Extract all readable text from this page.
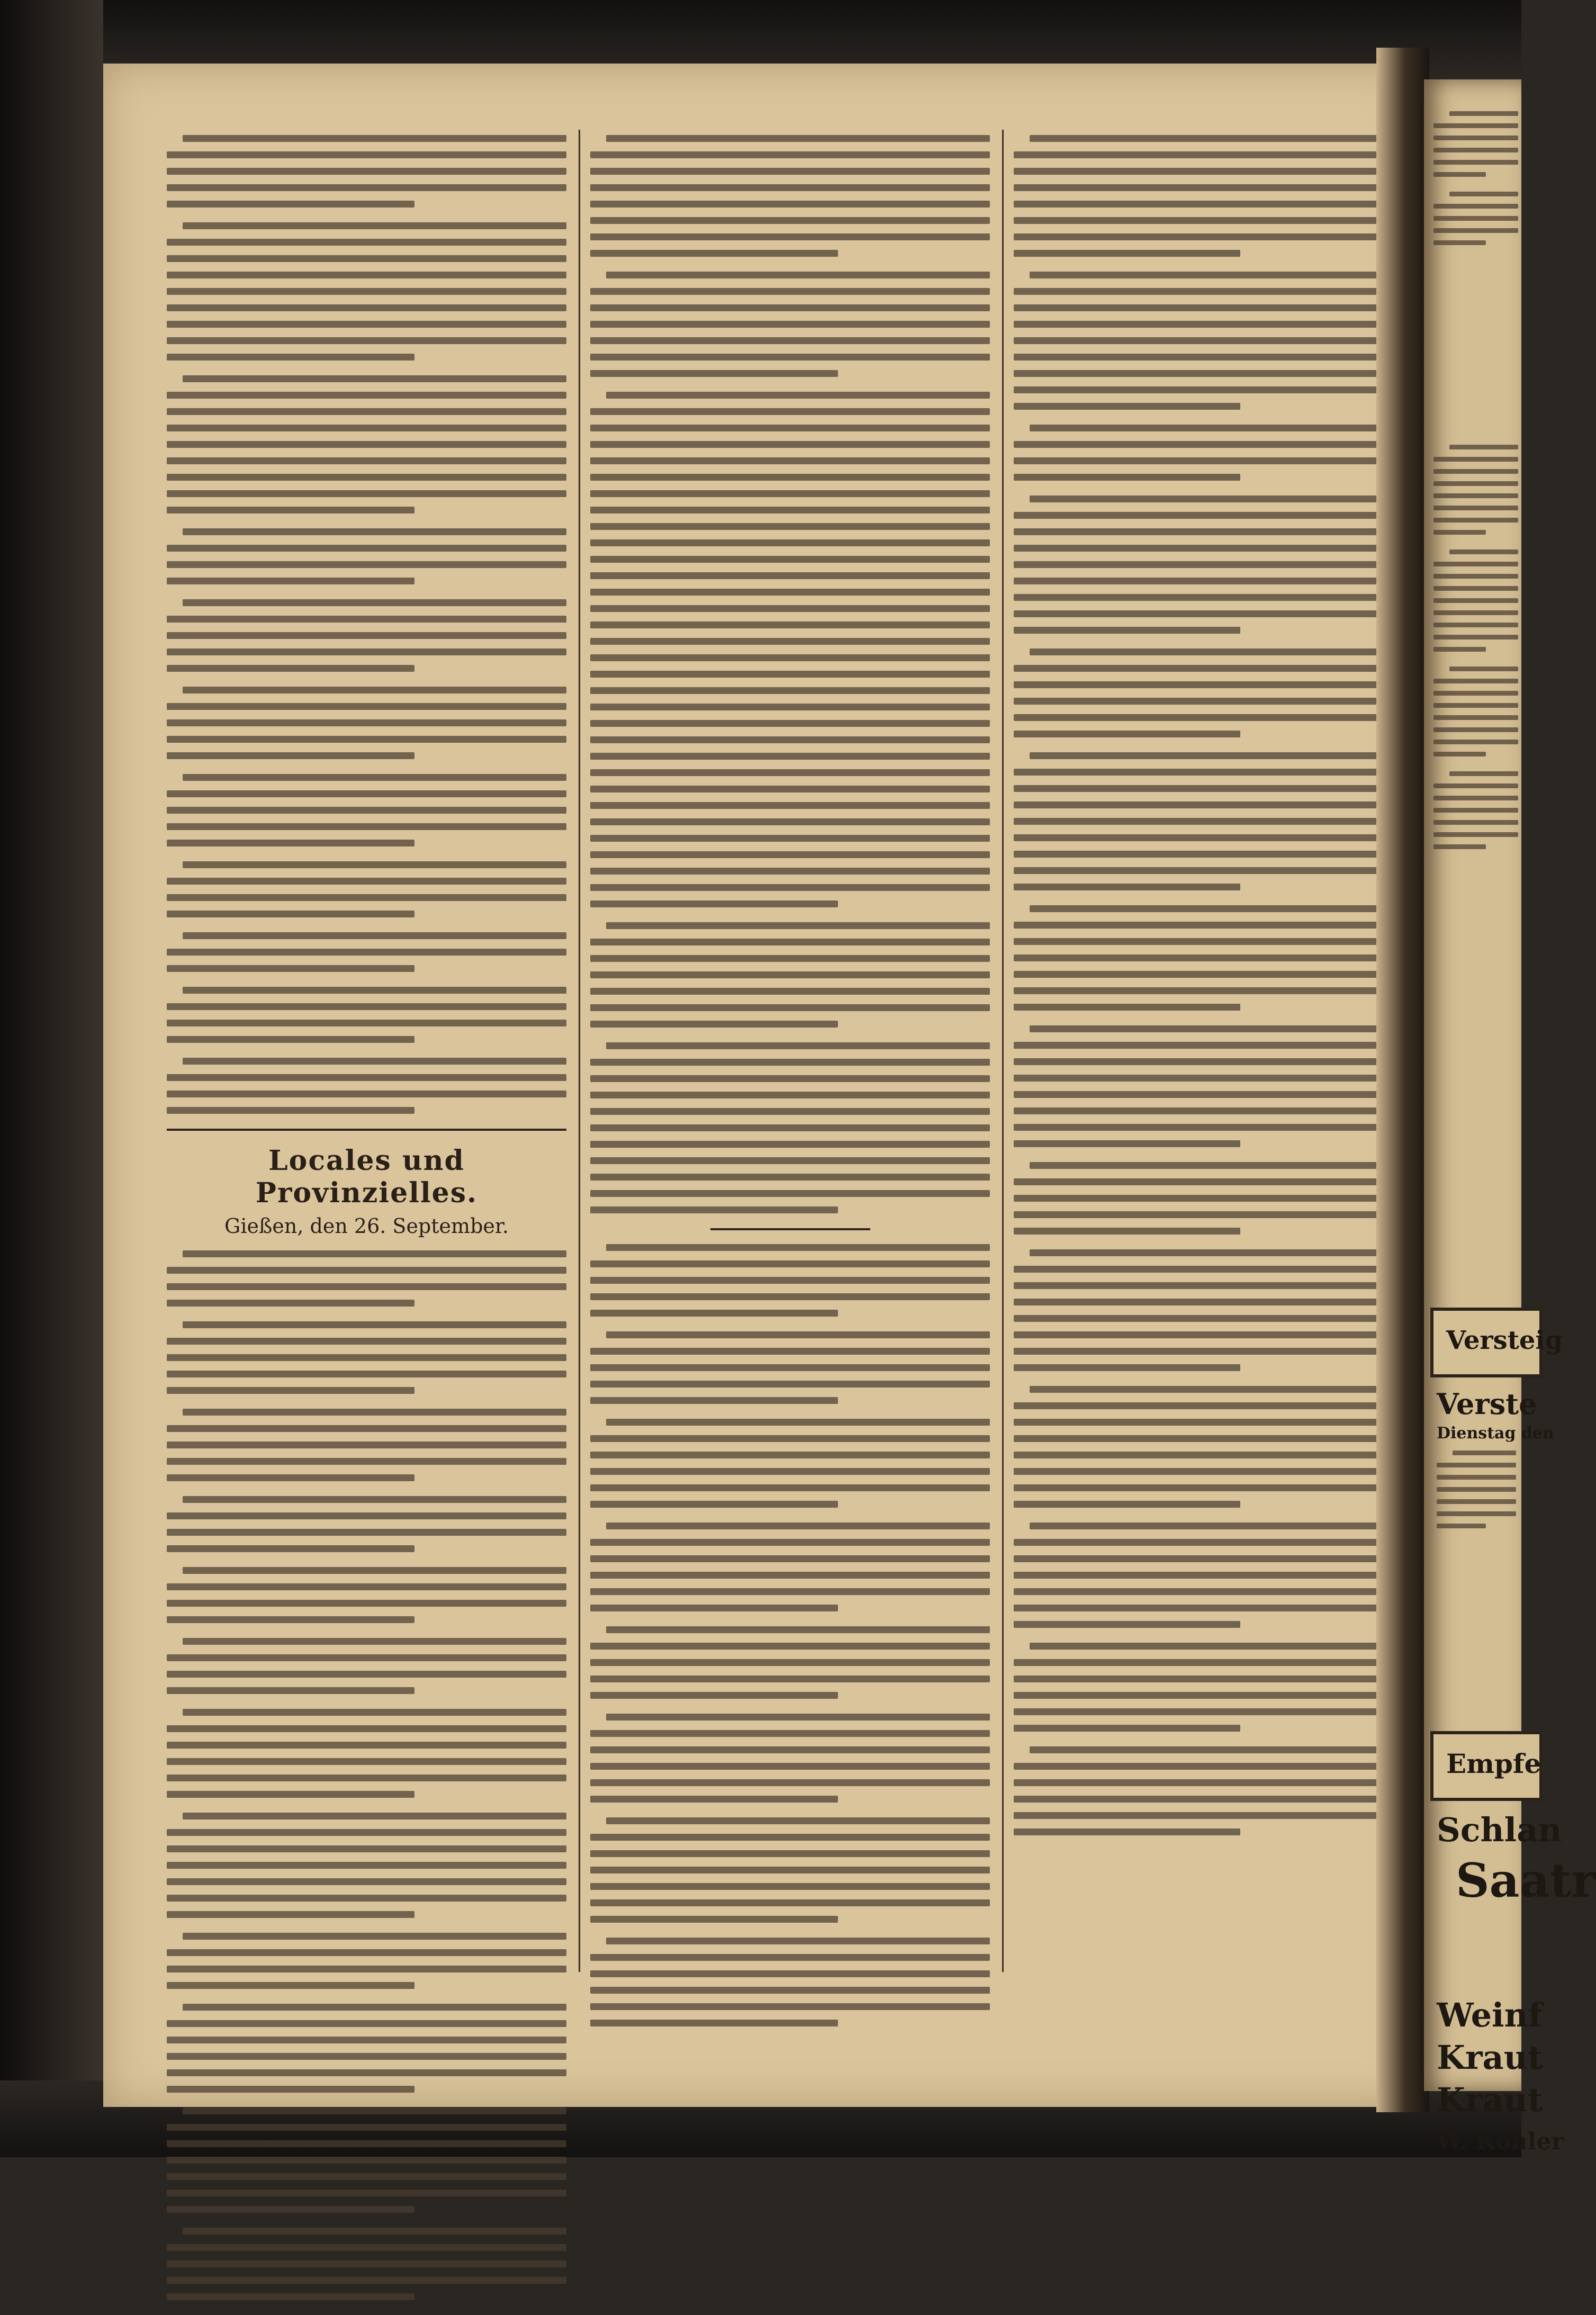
Locales und Provinzielles.
Gießen, den 26. September.
Versteig
Verste
Dienstag den
Empfe
Schlan
Saatr
Weinf
Kraut
Kraut
W. Kohler
